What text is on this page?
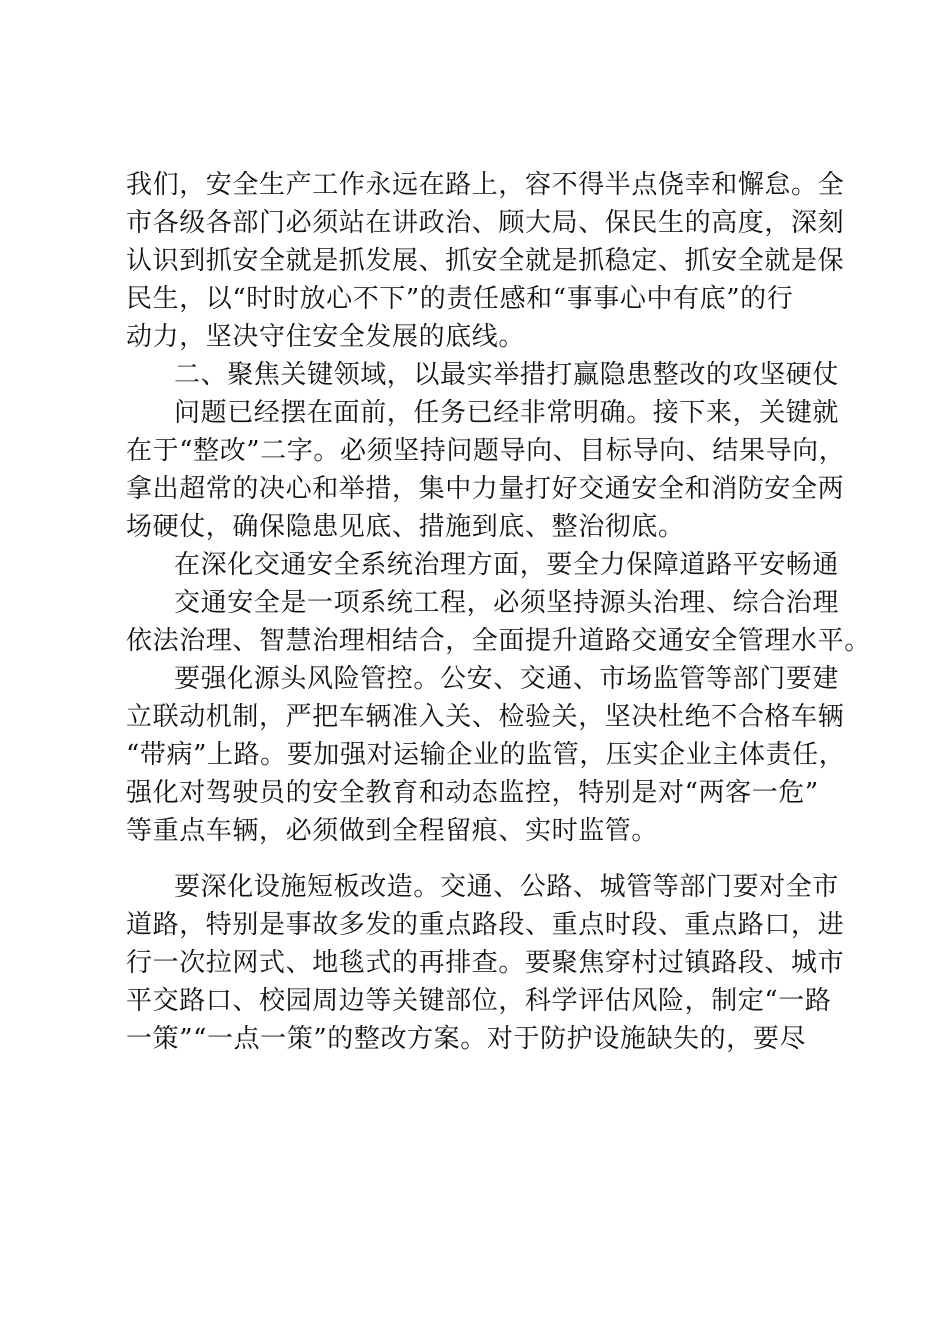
我们，安全生产工作永远在路上，容不得半点侥幸和懈怠。全
市各级各部门必须站在讲政治、顾大局、保民生的高度，深刻
认识到抓安全就是抓发展、抓安全就是抓稳定、抓安全就是保
民生，以“时时放心不下”的责任感和“事事心中有底”的行
动力，坚决守住安全发展的底线。
二、聚焦关键领域，以最实举措打赢隐患整改的攻坚硬仗
问题已经摆在面前，任务已经非常明确。接下来，关键就
在于“整改”二字。必须坚持问题导向、目标导向、结果导向，
拿出超常的决心和举措，集中力量打好交通安全和消防安全两
场硬仗，确保隐患见底、措施到底、整治彻底。
在深化交通安全系统治理方面，要全力保障道路平安畅通
交通安全是一项系统工程，必须坚持源头治理、综合治理
依法治理、智慧治理相结合，全面提升道路交通安全管理水平。
要强化源头风险管控。公安、交通、市场监管等部门要建
立联动机制，严把车辆准入关、检验关，坚决杜绝不合格车辆
“带病”上路。要加强对运输企业的监管，压实企业主体责任，
强化对驾驶员的安全教育和动态监控，特别是对“两客一危”
等重点车辆，必须做到全程留痕、实时监管。
要深化设施短板改造。交通、公路、城管等部门要对全市
道路，特别是事故多发的重点路段、重点时段、重点路口，进
行一次拉网式、地毯式的再排查。要聚焦穿村过镇路段、城市
平交路口、校园周边等关键部位，科学评估风险，制定“一路
一策”“一点一策”的整改方案。对于防护设施缺失的，要尽
